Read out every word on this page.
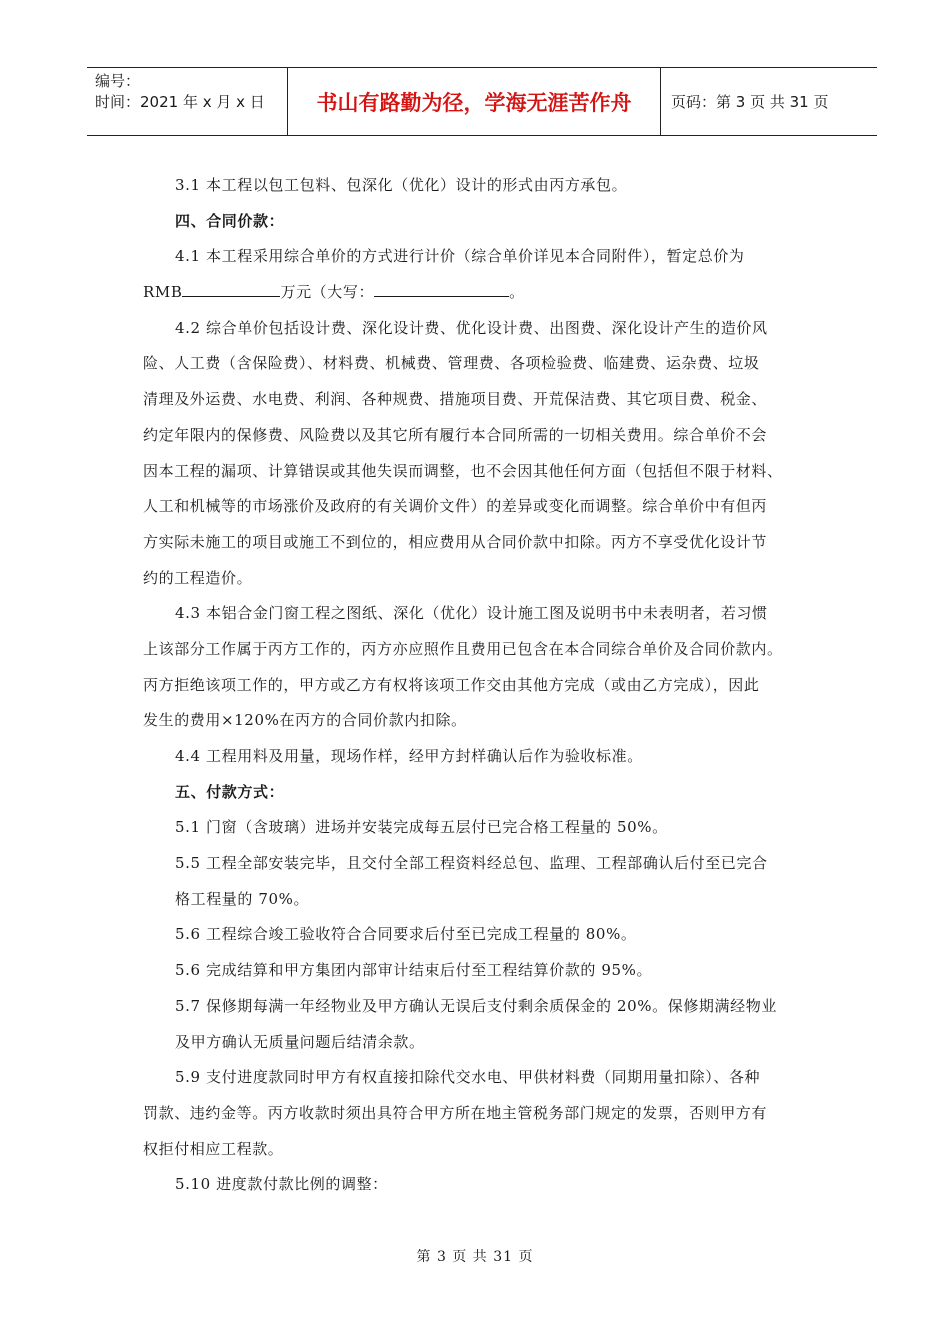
编号：
时间：2021 年 x 月 x 日	书山有路勤为径，学海无涯苦作舟	页码：第 3 页 共 31 页
3.1 本工程以包工包料、包深化（优化）设计的形式由丙方承包。
四、合同价款：
4.1 本工程采用综合单价的方式进行计价（综合单价详见本合同附件），暂定总价为
RMB	万元（大写：	。
4.2 综合单价包括设计费、深化设计费、优化设计费、出图费、深化设计产生的造价风
险、人工费（含保险费）、材料费、机械费、管理费、各项检验费、临建费、运杂费、垃圾
清理及外运费、水电费、利润、各种规费、措施项目费、开荒保洁费、其它项目费、税金、
约定年限内的保修费、风险费以及其它所有履行本合同所需的一切相关费用。综合单价不会
因本工程的漏项、计算错误或其他失误而调整，也不会因其他任何方面（包括但不限于材料、
人工和机械等的市场涨价及政府的有关调价文件）的差异或变化而调整。综合单价中有但丙
方实际未施工的项目或施工不到位的，相应费用从合同价款中扣除。丙方不享受优化设计节
约的工程造价。
4.3 本铝合金门窗工程之图纸、深化（优化）设计施工图及说明书中未表明者，若习惯
上该部分工作属于丙方工作的，丙方亦应照作且费用已包含在本合同综合单价及合同价款内。
丙方拒绝该项工作的，甲方或乙方有权将该项工作交由其他方完成（或由乙方完成），因此
发生的费用×120%在丙方的合同价款内扣除。
4.4 工程用料及用量，现场作样，经甲方封样确认后作为验收标准。
五、付款方式：
5.1 门窗（含玻璃）进场并安装完成每五层付已完合格工程量的 50%。
5.5 工程全部安装完毕，且交付全部工程资料经总包、监理、工程部确认后付至已完合
格工程量的 70%。
5.6 工程综合竣工验收符合合同要求后付至已完成工程量的 80%。
5.6 完成结算和甲方集团内部审计结束后付至工程结算价款的 95%。
5.7 保修期每满一年经物业及甲方确认无误后支付剩余质保金的 20%。保修期满经物业
及甲方确认无质量问题后结清余款。
5.9 支付进度款同时甲方有权直接扣除代交水电、甲供材料费（同期用量扣除）、各种
罚款、违约金等。丙方收款时须出具符合甲方所在地主管税务部门规定的发票，否则甲方有
权拒付相应工程款。
5.10 进度款付款比例的调整：
第 3 页 共 31 页
